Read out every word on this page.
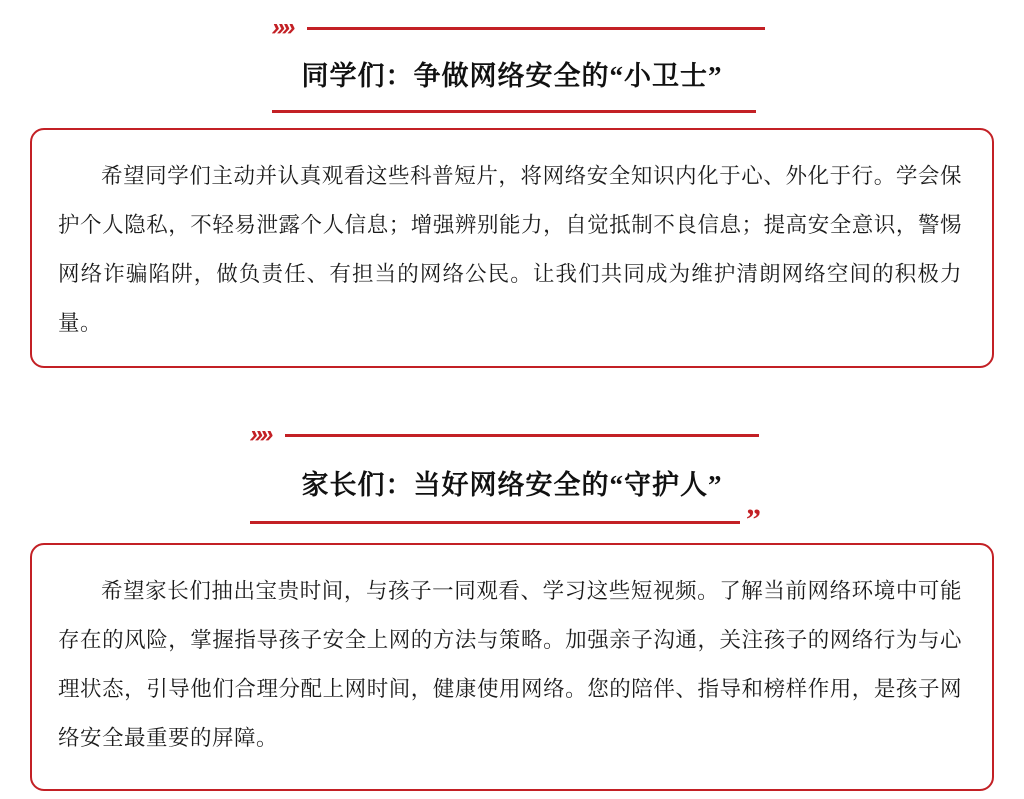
»»
同学们：争做网络安全的“小卫士”

希望同学们主动并认真观看这些科普短片，将网络安全知识内化于心、外化于行。学会保护个人隐私，不轻易泄露个人信息；增强辨别能力，自觉抵制不良信息；提高安全意识，警惕网络诈骗陷阱，做负责任、有担当的网络公民。让我们共同成为维护清朗网络空间的积极力量。

»»
家长们：当好网络安全的“守护人”
”

希望家长们抽出宝贵时间，与孩子一同观看、学习这些短视频。了解当前网络环境中可能存在的风险，掌握指导孩子安全上网的方法与策略。加强亲子沟通，关注孩子的网络行为与心理状态，引导他们合理分配上网时间，健康使用网络。您的陪伴、指导和榜样作用，是孩子网络安全最重要的屏障。
